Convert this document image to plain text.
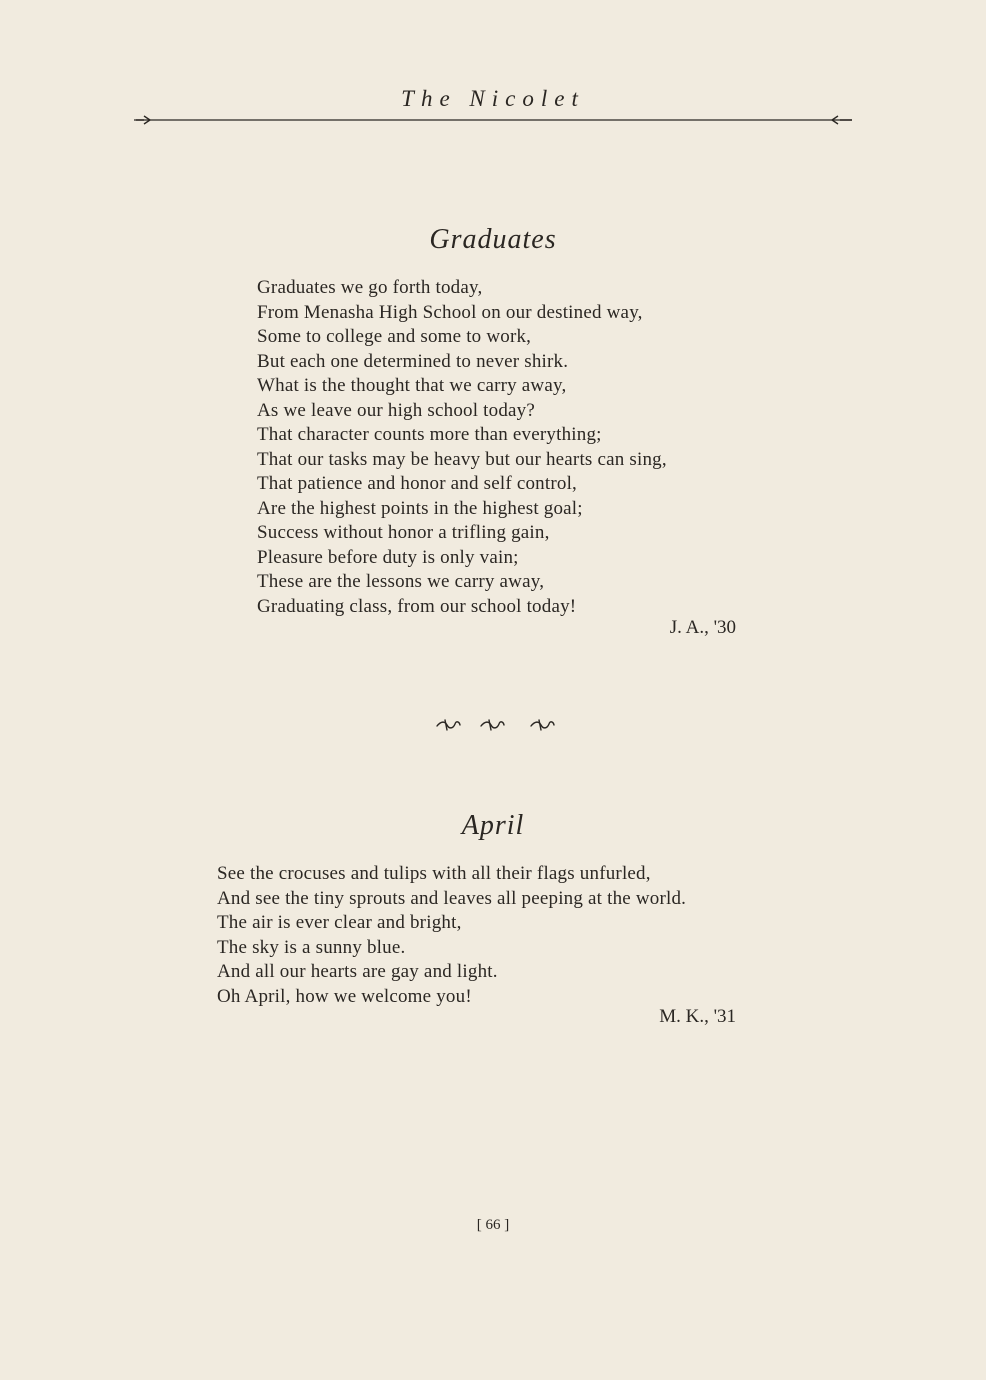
The Nicolet
Graduates
Graduates we go forth today,
From Menasha High School on our destined way,
Some to college and some to work,
But each one determined to never shirk.
What is the thought that we carry away,
As we leave our high school today?
That character counts more than everything;
That our tasks may be heavy but our hearts can sing,
That patience and honor and self control,
Are the highest points in the highest goal;
Success without honor a trifling gain,
Pleasure before duty is only vain;
These are the lessons we carry away,
Graduating class, from our school today!
J. A., '30
April
See the crocuses and tulips with all their flags unfurled,
And see the tiny sprouts and leaves all peeping at the world.
The air is ever clear and bright,
The sky is a sunny blue.
And all our hearts are gay and light.
Oh April, how we welcome you!
M. K., '31
[ 66 ]
